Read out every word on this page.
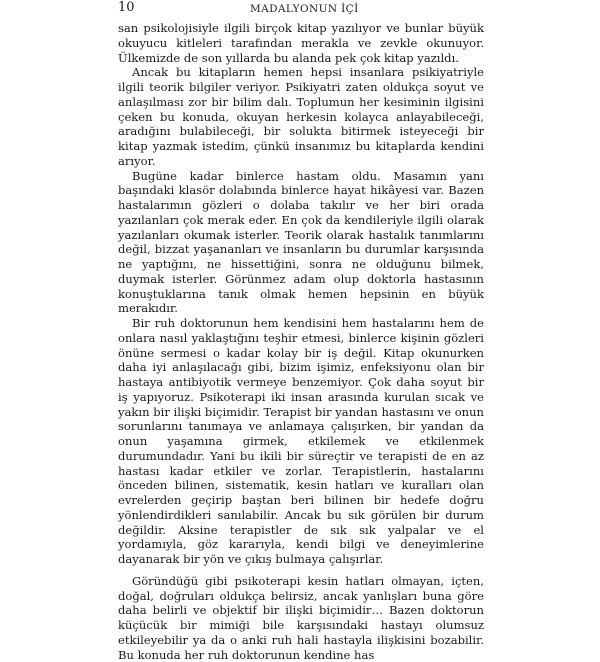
10	MADALYONUN İÇİ

san psikolojisiyle ilgili birçok kitap yazılıyor ve bunlar büyük okuyucu kitleleri tarafından merakla ve zevkle okunuyor. Ülkemizde de son yıllarda bu alanda pek çok kitap yazıldı.

Ancak bu kitapların hemen hepsi insanlara psikiyatriyle ilgili teorik bilgiler veriyor. Psikiyatri zaten oldukça soyut ve anlaşılması zor bir bilim dalı. Toplumun her kesiminin ilgisini çeken bu konuda, okuyan herkesin kolayca anlayabileceği, aradığını bulabileceği, bir solukta bitirmek isteyeceği bir kitap yazmak istedim, çünkü insanımız bu kitaplarda kendini arıyor.

Bugüne kadar binlerce hastam oldu. Masamın yanı başındaki klasör dolabında binlerce hayat hikâyesi var. Bazen hastalarımın gözleri o dolaba takılır ve her biri orada yazılanları çok merak eder. En çok da kendileriyle ilgili olarak yazılanları okumak isterler. Teorik olarak hastalık tanımlarını değil, bizzat yaşananları ve insanların bu durumlar karşısında ne yaptığını, ne hissettiğini, sonra ne olduğunu bilmek, duymak isterler. Görünmez adam olup doktorla hastasının konuştuklarına tanık olmak hemen hepsinin en büyük merakıdır.

Bir ruh doktorunun hem kendisini hem hastalarını hem de onlara nasıl yaklaştığını teşhir etmesi, binlerce kişinin gözleri önüne sermesi o kadar kolay bir iş değil. Kitap okunurken daha iyi anlaşılacağı gibi, bizim işimiz, enfeksiyonu olan bir hastaya antibiyotik vermeye benzemiyor. Çok daha soyut bir iş yapıyoruz. Psikoterapi iki insan arasında kurulan sıcak ve yakın bir ilişki biçimidir. Terapist bir yandan hastasını ve onun sorunlarını tanımaya ve anlamaya çalışırken, bir yandan da onun yaşamına girmek, etkilemek ve etkilenmek durumundadır. Yani bu ikili bir süreçtir ve terapisti de en az hastası kadar etkiler ve zorlar. Terapistlerin, hastalarını önceden bilinen, sistematik, kesin hatları ve kuralları olan evrelerden geçirip baştan beri bilinen bir hedefe doğru yönlendirdikleri sanılabilir. Ancak bu sık görülen bir durum değildir. Aksine terapistler de sık sık yalpalar ve el yordamıyla, göz kararıyla, kendi bilgi ve deneyimlerine dayanarak bir yön ve çıkış bulmaya çalışırlar.

Göründüğü gibi psikoterapi kesin hatları olmayan, içten, doğal, doğruları oldukça belirsiz, ancak yanlışları buna göre daha belirli ve objektif bir ilişki biçimidir… Bazen doktorun küçücük bir mimiği bile karşısındaki hastayı olumsuz etkileyebilir ya da o anki ruh hali hastayla ilişkisini bozabilir. Bu konuda her ruh doktorunun kendine has
